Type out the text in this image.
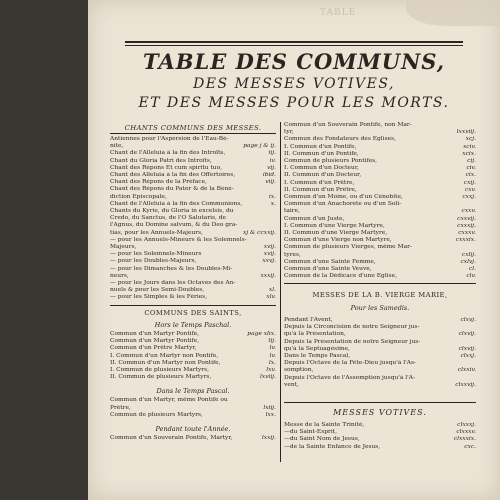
TABLE
TABLE DES COMMUNS,
DES MESSES VOTIVES,
ET DES MESSES POUR LES MORTS.
CHANTS COMMUNS DES MESSES.
Antiennes pour l'Aspersion de l'Eau-Bé-
nite,	page j & ij.
Chant de l'Alleluia à la fin des Introïts,	iij.
Chant du Gloria Patri des Introïts,	iv.
Chant des Répons Et cum spiritu tuo,	vij.
Chant des Alleluia à la fin des Offertoires,	ibid.
Chant des Répons de la Préface,	viij.
Chant des Répons du Pater & de la Béné-
diction Episcopale,	ix.
Chant de l'Alleluia à la fin des Communions,	x.
Chants du Kyrie, du Gloria in excelsis, du
Credo, du Sanctus, de l'O Salutaris, de
l'Agnus, du Domine salvum, & du Deo gra-
tias, pour les Annuels-Majeurs,	xj & ccxxij.
— pour les Annuels-Mineurs & les Solemnels-
Majeurs,	xvij.
— pour les Solemnels-Mineurs	xvij.
— pour les Doubles-Majeurs,	xxvj.
— pour les Dimanches & les Doubles-Mi-
neurs,	xxxij.
— pour les Jours dans les Octaves des An-
nuels & pour les Semi-Doubles,	xl.
— pour les Simples & les Féries,	xlv.
COMMUNS DES SAINTS,
Hors le Temps Paschal.
Commun d'un Martyr Pontife,	page xlix.
Commun d'un Martyr Pontife,	lij.
Commun d'un Prêtre Martyr,	lv.
I. Commun d'un Martyr non Pontife,	lv.
II. Commun d'un Martyr non Pontife,	lx.
I. Commun de plusieurs Martyrs,	lxv.
II. Commun de plusieurs Martyrs,	lxviij.
Dans le Temps Pascal.
Commun d'un Martyr, même Pontife ou
Prêtre,	lxiij.
Commun de plusieurs Martyrs,	lxx.
Pendant toute l'Année.
Commun d'un Souverain Pontife, Martyr,	lxxij.
Commun d'un Souverain Pontife, non Mar-
tyr,	lxxviij.
Commun des Fondateurs des Eglises,	xcj.
I. Commun d'un Pontife,	xciv.
II. Commun d'un Pontife,	xcix.
Commun de plusieurs Pontifes,	cij.
I. Commun d'un Docteur,	civ.
II. Commun d'un Docteur,	cix.
I. Commun d'un Prêtre,	cxij.
II. Commun d'un Prêtre,	cxv.
Commun d'un Moine, ou d'un Cénobite,	cxxj.
Commun d'un Anachorete ou d'un Soli-
taire,	cxxv.
Commun d'un Juste,	cxxvij.
I. Commun d'une Vierge Martyre,	cxxxij.
II. Commun d'une Vierge Martyre,	cxxxv.
Commun d'une Vierge non Martyre,	cxxxix.
Commun de plusieurs Vierges, même Mar-
tyres,	cxlij.
Commun d'une Sainte Femme,	cxlvj.
Commun d'une Sainte Veuve,	cl.
Commun de la Dédicace d'une Eglise,	clv.
MESSES DE LA B. VIERGE MARIE,
Pour les Samedis.
Pendant l'Avent,	clxvj.
Depuis la Circoncision de notre Seigneur jus-
qu'à la Présentation,	clxvij.
Depuis la Présentation de notre Seigneur jus-
qu'à la Septuagésime,	clxvij.
Dans le Temps Pascal,	clxxj.
Depuis l'Octave de la Fête-Dieu jusqu'à l'As-
somption,	clxxiv.
Depuis l'Octave de l'Assomption jusqu'à l'A-
vent,	clxxvij.
MESSES VOTIVES.
Messe de la Sainte Trinité,	clxxxj.
—du Saint-Esprit,	clxxxv.
—du Saint Nom de Jesus,	clxxxix.
—de la Sainte Enfance de Jesus,	cxc.
